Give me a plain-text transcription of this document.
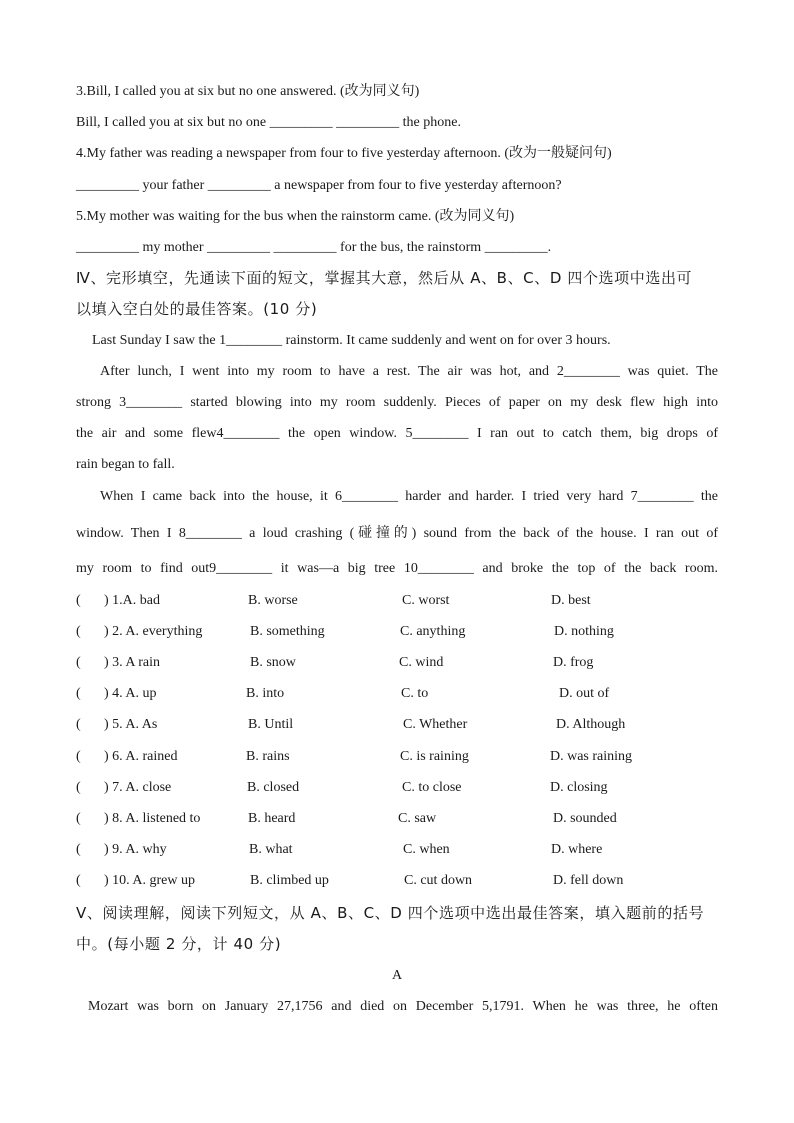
3.Bill, I called you at six but no one answered. (改为同义句)
Bill, I called you at six but no one _________ _________ the phone.
4.My father was reading a newspaper from four to five yesterday afternoon. (改为一般疑问句)
_________ your father _________ a newspaper from four to five yesterday afternoon?
5.My mother was waiting for the bus when the rainstorm came. (改为同义句)
_________ my mother _________ _________ for the bus, the rainstorm _________.
Ⅳ、完形填空，先通读下面的短文，掌握其大意，然后从 A、B、C、D 四个选项中选出可
以填入空白处的最佳答案。(10 分)
Last Sunday I saw the 1________ rainstorm. It came suddenly and went on for over 3 hours.
After lunch, I went into my room to have a rest. The air was hot, and 2________ was quiet. The
strong 3________ started blowing into my room suddenly. Pieces of paper on my desk flew high into
the air and some flew4________ the open window. 5________ I ran out to catch them, big drops of
rain began to fall.
When I came back into the house, it 6________ harder and harder. I tried very hard 7________ the
window. Then I 8________ a loud crashing (碰撞的) sound from the back of the house. I ran out of
my room to find out9________ it was—a big tree 10________ and broke the top of the back room.
( ) 1.A. bad	B. worse	C. worst	D. best
( ) 2. A. everything	B. something	C. anything	D. nothing
( ) 3. A rain	B. snow	C. wind	D. frog
( ) 4. A. up	B. into	C. to	D. out of
( ) 5. A. As	B. Until	C. Whether	D. Although
( ) 6. A. rained	B. rains	C. is raining	D. was raining
( ) 7. A. close	B. closed	C. to close	D. closing
( ) 8. A. listened to	B. heard	C. saw	D. sounded
( ) 9. A. why	B. what	C. when	D. where
( ) 10. A. grew up	B. climbed up	C. cut down	D. fell down
Ⅴ、阅读理解，阅读下列短文，从 A、B、C、D 四个选项中选出最佳答案，填入题前的括号
中。(每小题 2 分，计 40 分)
A
Mozart was born on January 27,1756 and died on December 5,1791. When he was three, he often
